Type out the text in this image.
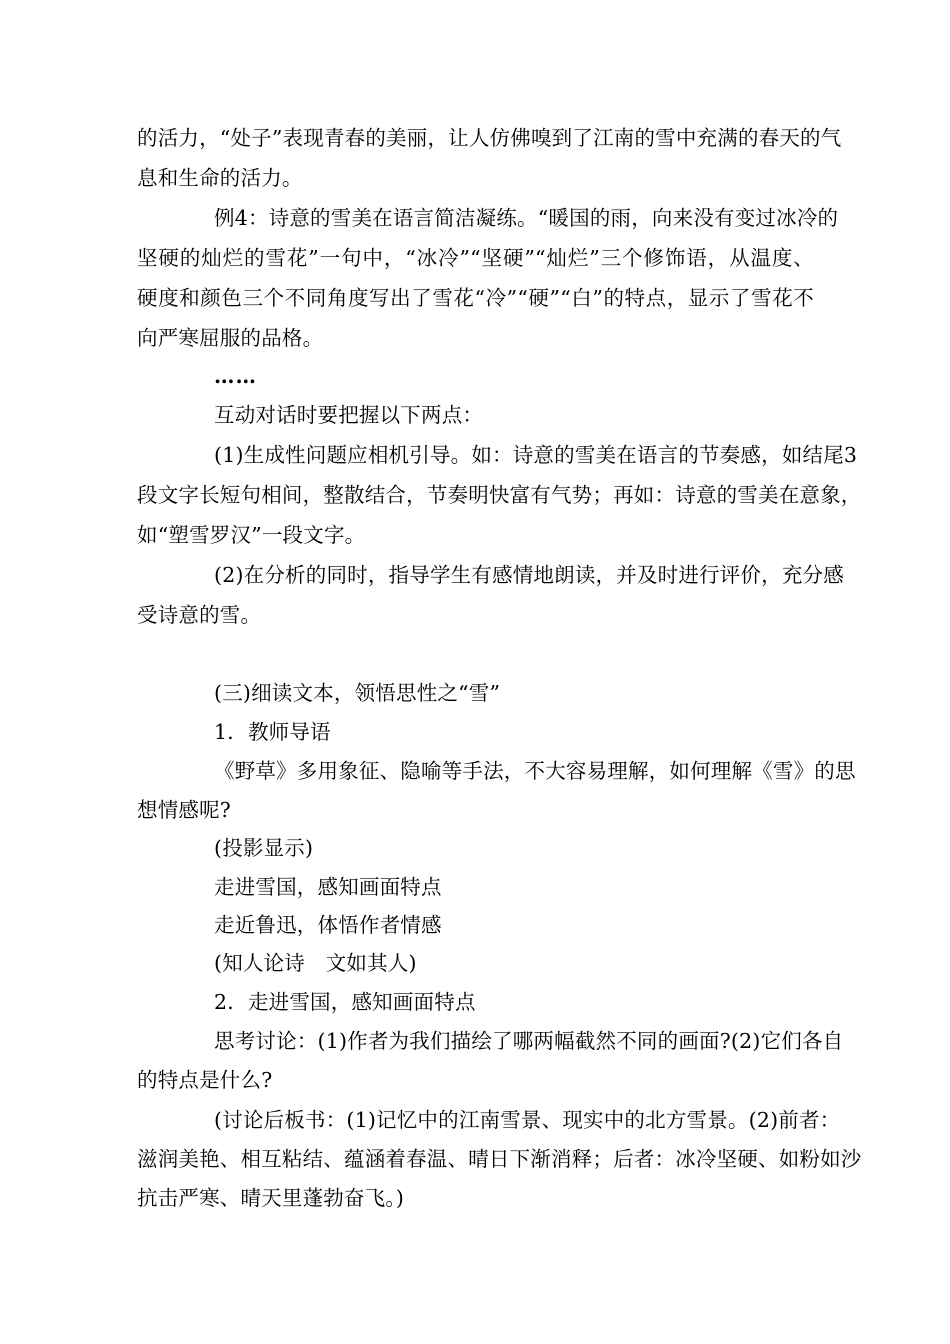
的活力，“处子”表现青春的美丽，让人仿佛嗅到了江南的雪中充满的春天的气
息和生命的活力。
例4：诗意的雪美在语言简洁凝练。“暖国的雨，向来没有变过冰冷的
坚硬的灿烂的雪花”一句中，“冰冷”“坚硬”“灿烂”三个修饰语，从温度、
硬度和颜色三个不同角度写出了雪花“冷”“硬”“白”的特点，显示了雪花不
向严寒屈服的品格。
……
互动对话时要把握以下两点：
(1)生成性问题应相机引导。如：诗意的雪美在语言的节奏感，如结尾3
段文字长短句相间，整散结合，节奏明快富有气势；再如：诗意的雪美在意象，
如“塑雪罗汉”一段文字。
(2)在分析的同时，指导学生有感情地朗读，并及时进行评价，充分感
受诗意的雪。
(三)细读文本，领悟思性之“雪”
1．教师导语
《野草》多用象征、隐喻等手法，不大容易理解，如何理解《雪》的思
想情感呢?
(投影显示)
走进雪国，感知画面特点
走近鲁迅，体悟作者情感
(知人论诗　文如其人)
2．走进雪国，感知画面特点
思考讨论：(1)作者为我们描绘了哪两幅截然不同的画面?(2)它们各自
的特点是什么?
(讨论后板书：(1)记忆中的江南雪景、现实中的北方雪景。(2)前者：
滋润美艳、相互粘结、蕴涵着春温、晴日下渐消释；后者：冰冷坚硬、如粉如沙
抗击严寒、晴天里蓬勃奋飞。)
